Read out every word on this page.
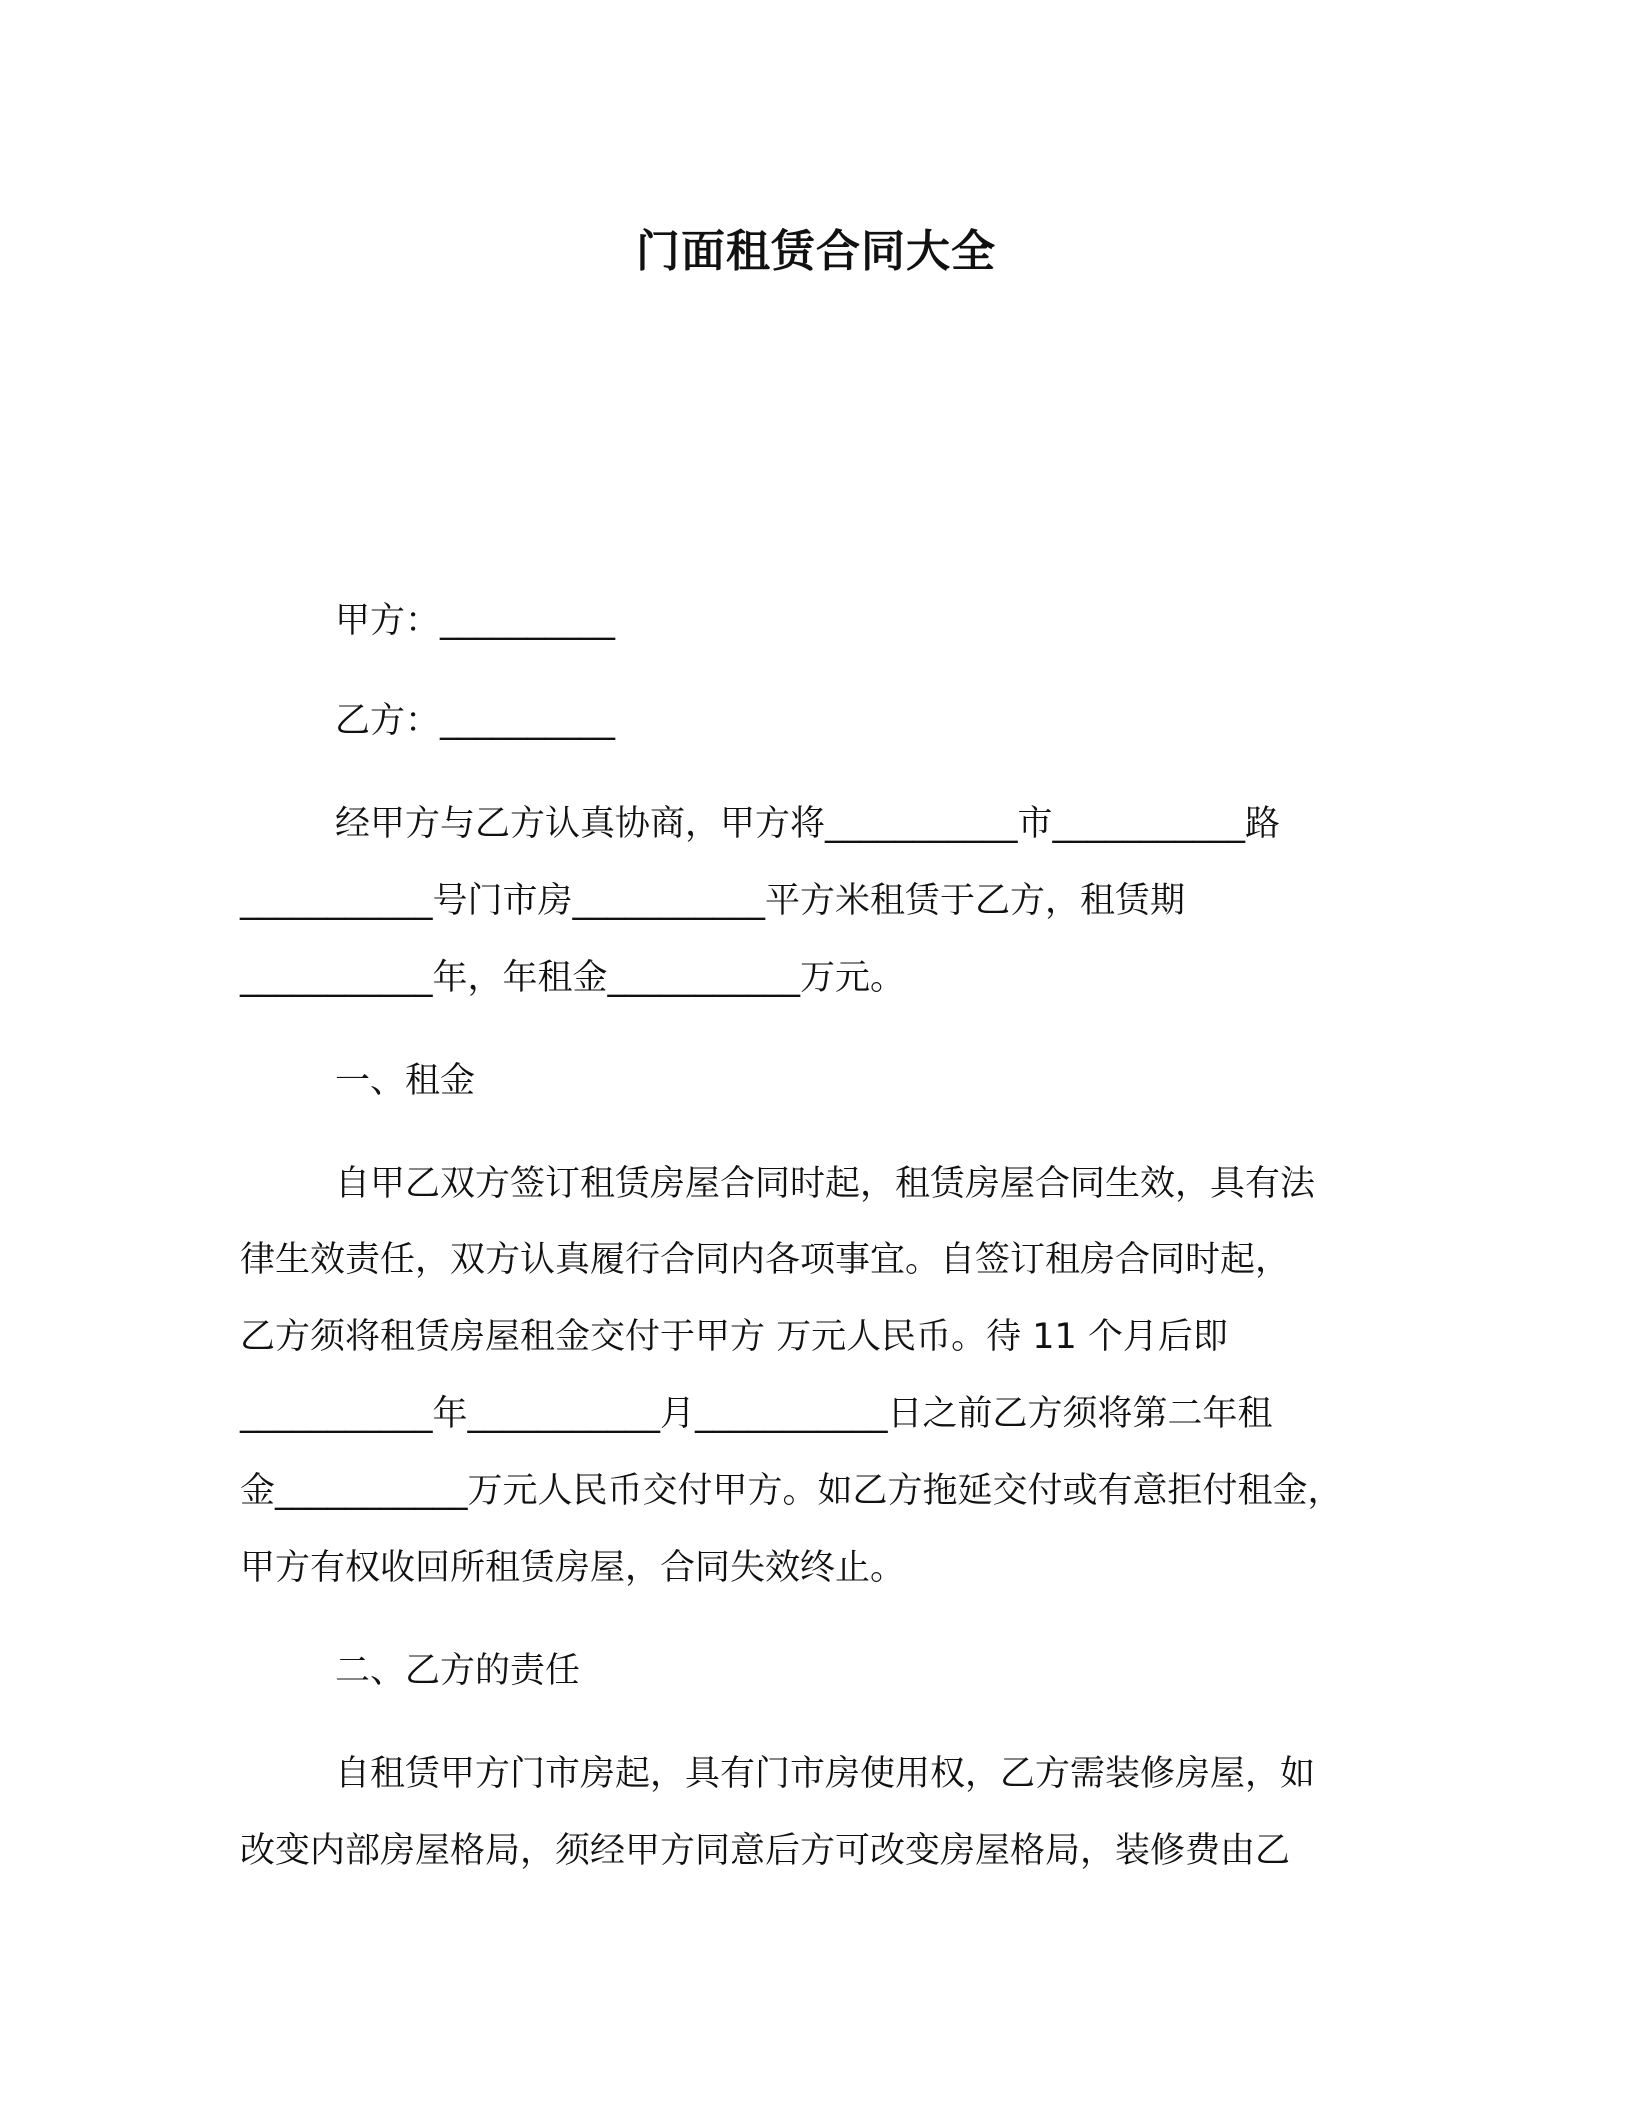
门面租赁合同大全
甲方：__________
乙方：__________
经甲方与乙方认真协商，甲方将___________市___________路
___________号门市房___________平方米租赁于乙方，租赁期
___________年，年租金___________万元。
一、租金
自甲乙双方签订租赁房屋合同时起，租赁房屋合同生效，具有法
律生效责任，双方认真履行合同内各项事宜。自签订租房合同时起，
乙方须将租赁房屋租金交付于甲方 万元人民币。待 11 个月后即
___________年___________月___________日之前乙方须将第二年租
金___________万元人民币交付甲方。如乙方拖延交付或有意拒付租金，
甲方有权收回所租赁房屋，合同失效终止。
二、乙方的责任
自租赁甲方门市房起，具有门市房使用权，乙方需装修房屋，如
改变内部房屋格局，须经甲方同意后方可改变房屋格局，装修费由乙
